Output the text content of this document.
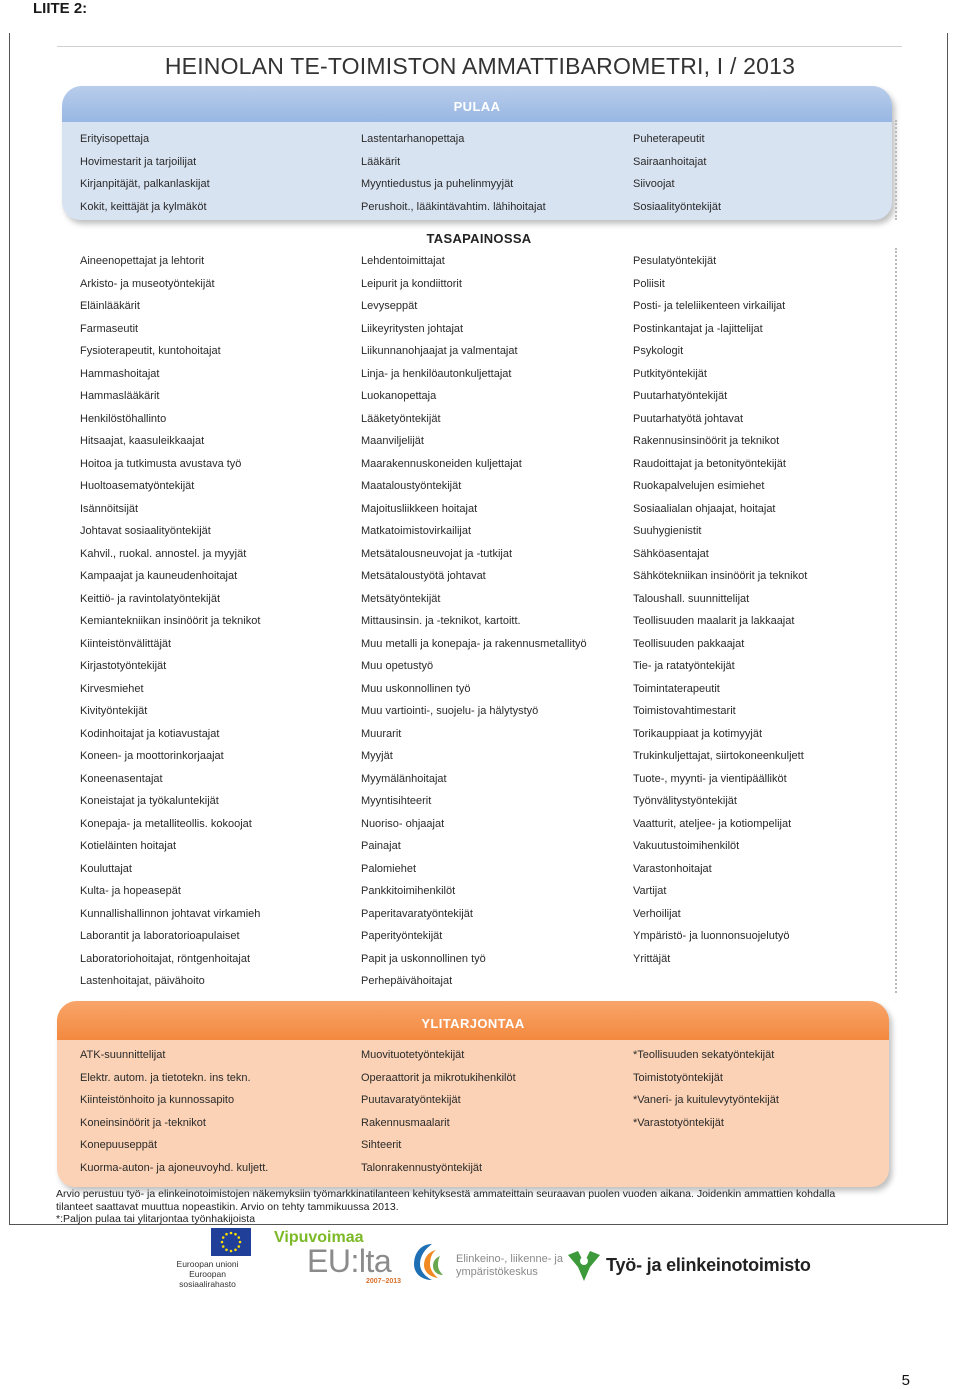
LIITE 2:
HEINOLAN TE-TOIMISTON AMMATTIBAROMETRI, I / 2013
PULAA
Erityisopettaja
Hovimestarit ja tarjoilijat
Kirjanpitäjät, palkanlaskijat
Kokit, keittäjät ja kylmäköt
Lastentarhanopettaja
Lääkärit
Myyntiedustus ja puhelinmyyjät
Perushoit., lääkintävahtim. lähihoitajat
Puheterapeutit
Sairaanhoitajat
Siivoojat
Sosiaalityöntekijät
TASAPAINOSSA
Aineenopettajat ja lehtorit
Arkisto- ja museotyöntekijät
Eläinlääkärit
Farmaseutit
Fysioterapeutit, kuntohoitajat
Hammashoitajat
Hammaslääkärit
Henkilöstöhallinto
Hitsaajat, kaasuleikkaajat
Hoitoa ja tutkimusta avustava työ
Huoltoasematyöntekijät
Isännöitsijät
Johtavat sosiaalityöntekijät
Kahvil., ruokal. annostel. ja myyjät
Kampaajat ja kauneudenhoitajat
Keittiö- ja ravintolatyöntekijät
Kemiantekniikan insinöörit ja teknikot
Kiinteistönvälittäjät
Kirjastotyöntekijät
Kirvesmiehet
Kivityöntekijät
Kodinhoitajat ja kotiavustajat
Koneen- ja moottorinkorjaajat
Koneenasentajat
Koneistajat ja työkaluntekijät
Konepaja- ja metalliteollis. kokoojat
Kotieläinten hoitajat
Kouluttajat
Kulta- ja hopeasepät
Kunnallishallinnon johtavat virkamieh
Laborantit ja laboratorioapulaiset
Laboratoriohoitajat, röntgenhoitajat
Lastenhoitajat, päivähoito
Lehdentoimittajat
Leipurit ja kondiittorit
Levyseppät
Liikeyritysten johtajat
Liikunnanohjaajat ja valmentajat
Linja- ja henkilöautonkuljettajat
Luokanopettaja
Lääketyöntekijät
Maanviljelijät
Maarakennuskoneiden kuljettajat
Maataloustyöntekijät
Majoitusliikkeen hoitajat
Matkatoimistovirkailijat
Metsätalousneuvojat ja -tutkijat
Metsätaloustyötä johtavat
Metsätyöntekijät
Mittausinsin. ja -teknikot, kartoitt.
Muu metalli ja konepaja- ja rakennusmetallityö
Muu opetustyö
Muu uskonnollinen työ
Muu vartiointi-, suojelu- ja hälytystyö
Muurarit
Myyjät
Myymälänhoitajat
Myyntisihteerit
Nuoriso- ohjaajat
Painajat
Palomiehet
Pankkitoimihenkilöt
Paperitavaratyöntekijät
Paperityöntekijät
Papit ja uskonnollinen työ
Perhepäivähoitajat
Pesulatyöntekijät
Poliisit
Posti- ja teleliikenteen virkailijat
Postinkantajat ja -lajittelijat
Psykologit
Putkityöntekijät
Puutarhatyöntekijät
Puutarhatyötä johtavat
Rakennusinsinöörit ja teknikot
Raudoittajat ja betonityöntekijät
Ruokapalvelujen esimiehet
Sosiaalialan ohjaajat, hoitajat
Suuhygienistit
Sähköasentajat
Sähkötekniikan insinöörit ja teknikot
Taloushall. suunnittelijat
Teollisuuden maalarit ja lakkaajat
Teollisuuden pakkaajat
Tie- ja ratatyöntekijät
Toimintaterapeutit
Toimistovahtimestarit
Torikauppiaat ja kotimyyjät
Trukinkuljettajat, siirtokoneenkuljett
Tuote-, myynti- ja vientipäälliköt
Työnvälitystyöntekijät
Vaatturit, ateljee- ja kotiompelijat
Vakuutustoimihenkilöt
Varastonhoitajat
Vartijat
Verhoilijat
Ympäristö- ja luonnonsuojelutyö
Yrittäjät
YLITARJONTAA
ATK-suunnittelijat
Elektr. autom. ja tietotekn. ins tekn.
Kiinteistönhoito ja kunnossapito
Koneinsinöörit ja -teknikot
Konepuuseppät
Kuorma-auton- ja ajoneuvoyhd. kuljett.
Muovituotetyöntekijät
Operaattorit ja mikrotukihenkilöt
Puutavaratyöntekijät
Rakennusmaalarit
Sihteerit
Talonrakennustyöntekijät
*Teollisuuden sekatyöntekijät
Toimistotyöntekijät
*Vaneri- ja kuitulevytyöntekijät
*Varastotyöntekijät
Arvio perustuu työ- ja elinkeinotoimistojen näkemyksiin työmarkkinatilanteen kehityksestä ammateittain seuraavan puolen vuoden aikana. Joidenkin ammattien kohdalla
tilanteet saattavat muuttua nopeastikin. Arvio on tehty tammikuussa 2013.
*:Paljon pulaa tai ylitarjontaa työnhakijoista
Euroopan unioni
Euroopan sosiaalirahasto
Vipuvoimaa
EU:lta
2007–2013
Elinkeino-, liikenne- ja
ympäristökeskus	Työ- ja elinkeinotoimisto
5
